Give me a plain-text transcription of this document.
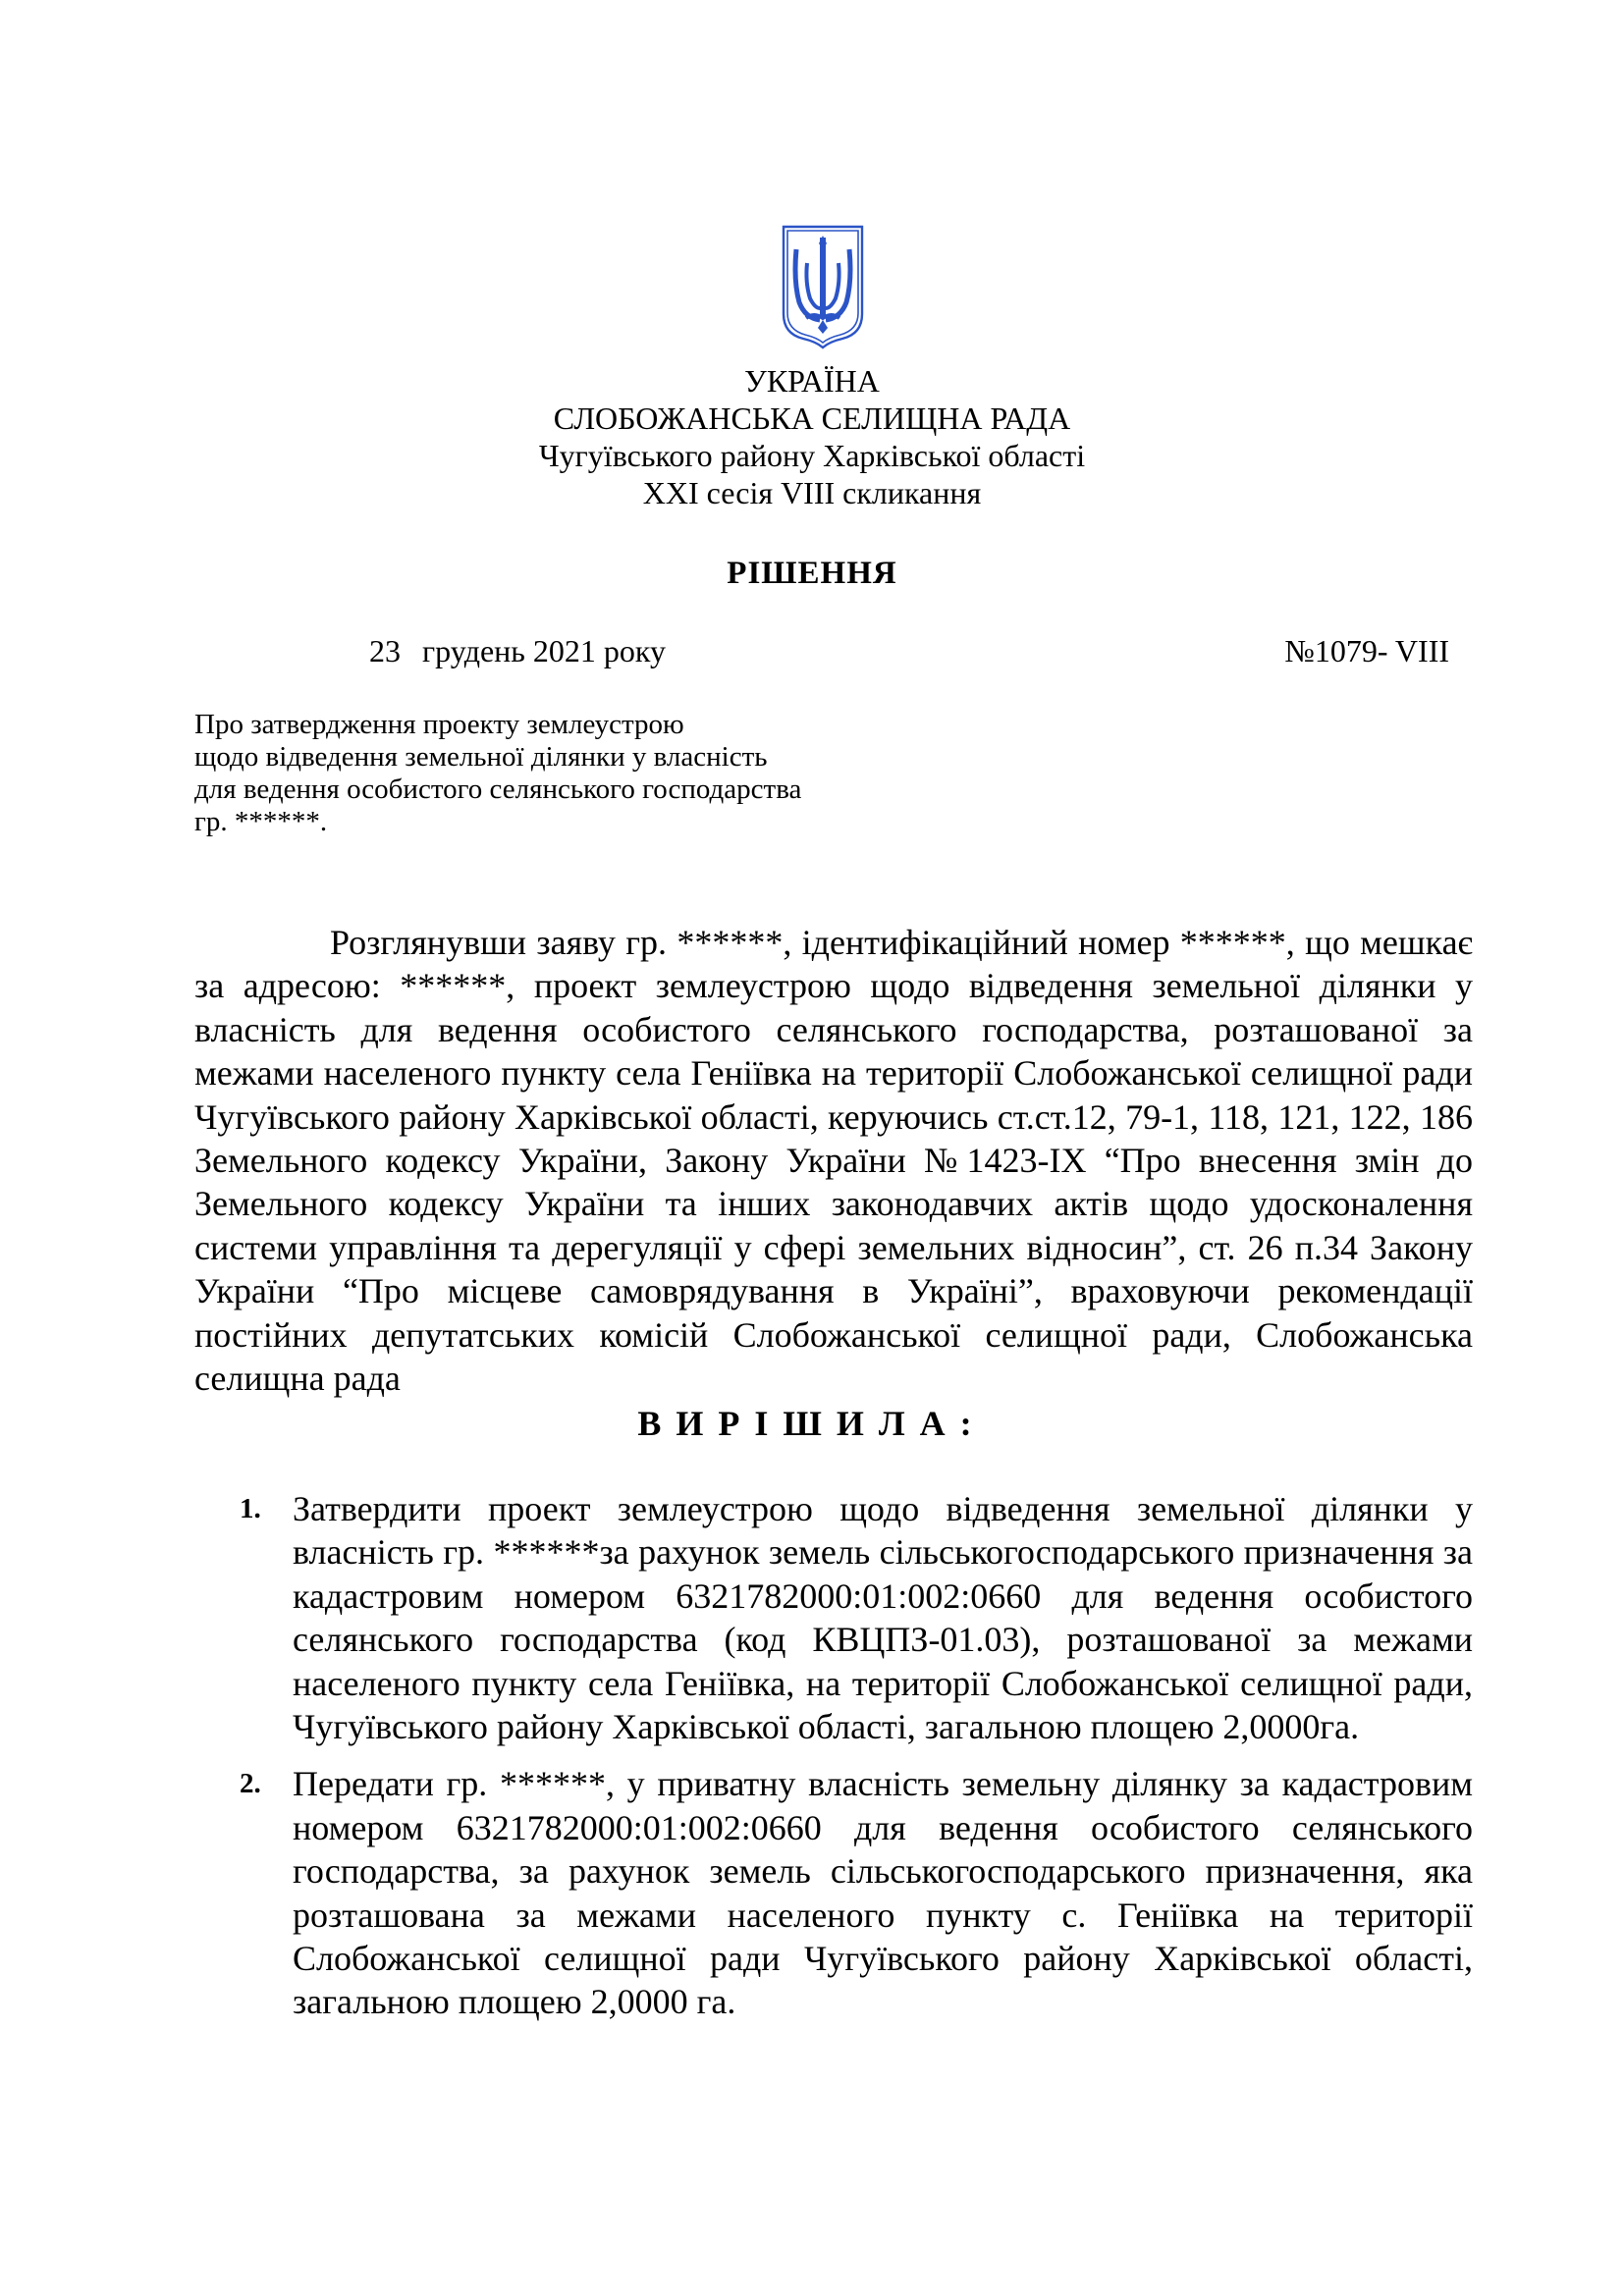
УКРАЇНА
СЛОБОЖАНСЬКА СЕЛИЩНА РАДА
Чугуївського району Харківської області
XXI сесія VIII скликання
РІШЕННЯ
23 грудень 2021 року	№1079- VIII
Про затвердження проекту землеустрою
щодо відведення земельної ділянки у власність
для ведення особистого селянського господарства
гр. ******.
Розглянувши заяву гр. ******, ідентифікаційний номер ******, що мешкає за адресою: ******, проект землеустрою щодо відведення земельної ділянки у власність для ведення особистого селянського господарства, розташованої за межами населеного пункту села Геніївка на території Слобожанської селищної ради Чугуївського району Харківської області, керуючись ст.ст.12, 79-1, 118, 121, 122, 186 Земельного кодексу України, Закону України №1423-IX “Про внесення змін до Земельного кодексу України та інших законодавчих актів щодо удосконалення системи управління та дерегуляції у сфері земельних відносин”, ст. 26 п.34 Закону України “Про місцеве самоврядування в Україні”, враховуючи рекомендації постійних депутатських комісій Слобожанської селищної ради, Слобожанська селищна рада
ВИРІШИЛА:
1. Затвердити проект землеустрою щодо відведення земельної ділянки у власність гр. ******за рахунок земель сільськогосподарського призначення за кадастровим номером 6321782000:01:002:0660 для ведення особистого селянського господарства (код КВЦПЗ-01.03), розташованої за межами населеного пункту села Геніївка, на території Слобожанської селищної ради, Чугуївського району Харківської області, загальною площею 2,0000га.
2. Передати гр. ******, у приватну власність земельну ділянку за кадастровим номером 6321782000:01:002:0660 для ведення особистого селянського господарства, за рахунок земель сільськогосподарського призначення, яка розташована за межами населеного пункту с. Геніївка на території Слобожанської селищної ради Чугуївського району Харківської області, загальною площею 2,0000 га.
